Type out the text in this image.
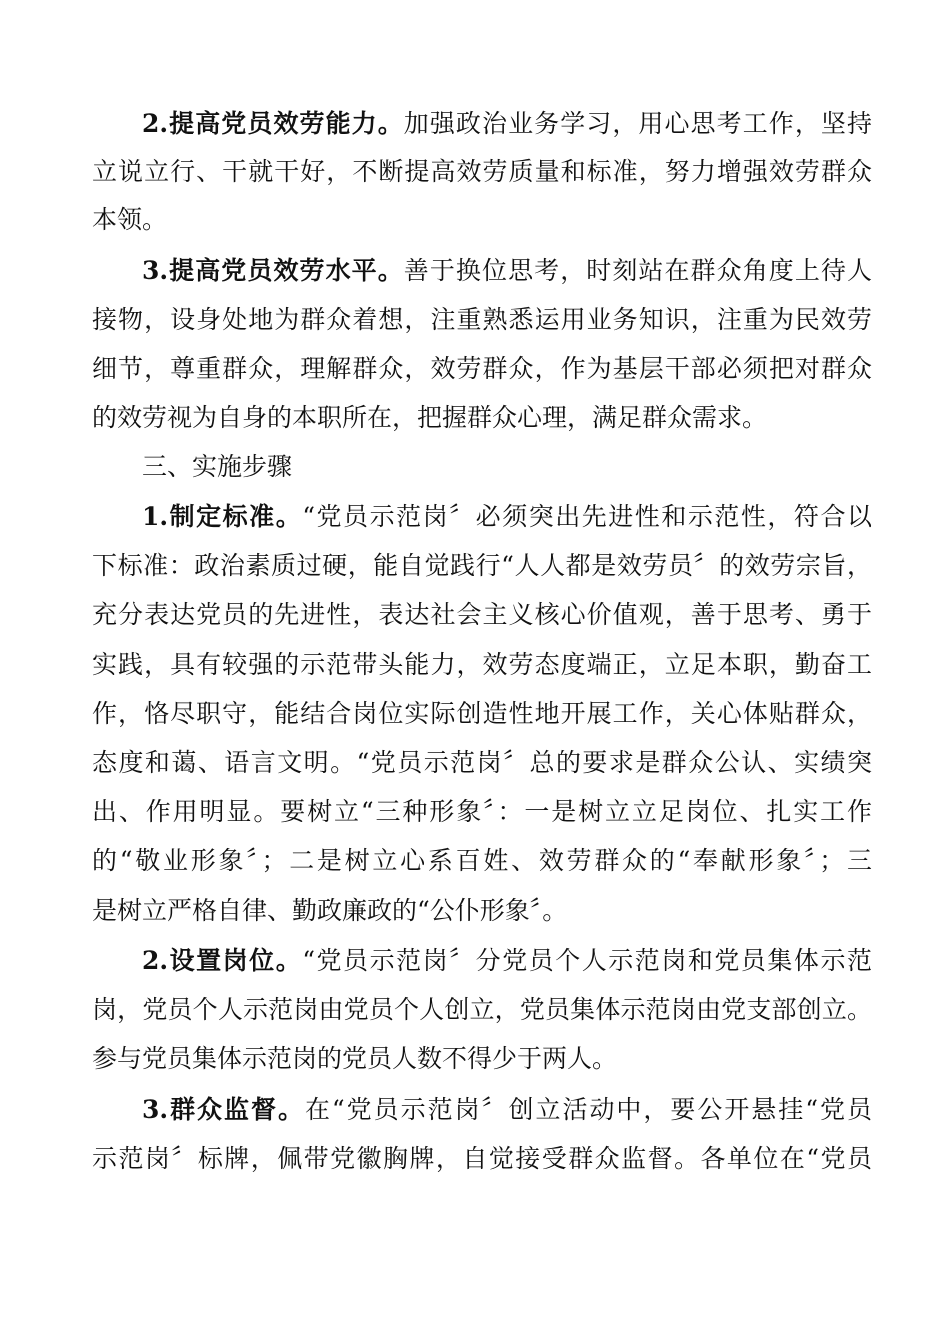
2.提高党员效劳能力。加强政治业务学习，用心思考工作，坚持
立说立行、干就干好，不断提高效劳质量和标准，努力增强效劳群众
本领。
3.提高党员效劳水平。善于换位思考，时刻站在群众角度上待人
接物，设身处地为群众着想，注重熟悉运用业务知识，注重为民效劳
细节，尊重群众，理解群众，效劳群众，作为基层干部必须把对群众
的效劳视为自身的本职所在，把握群众心理，满足群众需求。
三、实施步骤
1.制定标准。“党员示范岗〞必须突出先进性和示范性，符合以
下标准：政治素质过硬，能自觉践行“人人都是效劳员〞的效劳宗旨，
充分表达党员的先进性，表达社会主义核心价值观，善于思考、勇于
实践，具有较强的示范带头能力，效劳态度端正，立足本职，勤奋工
作，恪尽职守，能结合岗位实际创造性地开展工作，关心体贴群众，
态度和蔼、语言文明。“党员示范岗〞总的要求是群众公认、实绩突
出、作用明显。要树立“三种形象〞：一是树立立足岗位、扎实工作
的“敬业形象〞；二是树立心系百姓、效劳群众的“奉献形象〞；三
是树立严格自律、勤政廉政的“公仆形象〞。
2.设置岗位。“党员示范岗〞分党员个人示范岗和党员集体示范
岗，党员个人示范岗由党员个人创立，党员集体示范岗由党支部创立。
参与党员集体示范岗的党员人数不得少于两人。
3.群众监督。在“党员示范岗〞创立活动中，要公开悬挂“党员
示范岗〞标牌，佩带党徽胸牌，自觉接受群众监督。各单位在“党员
